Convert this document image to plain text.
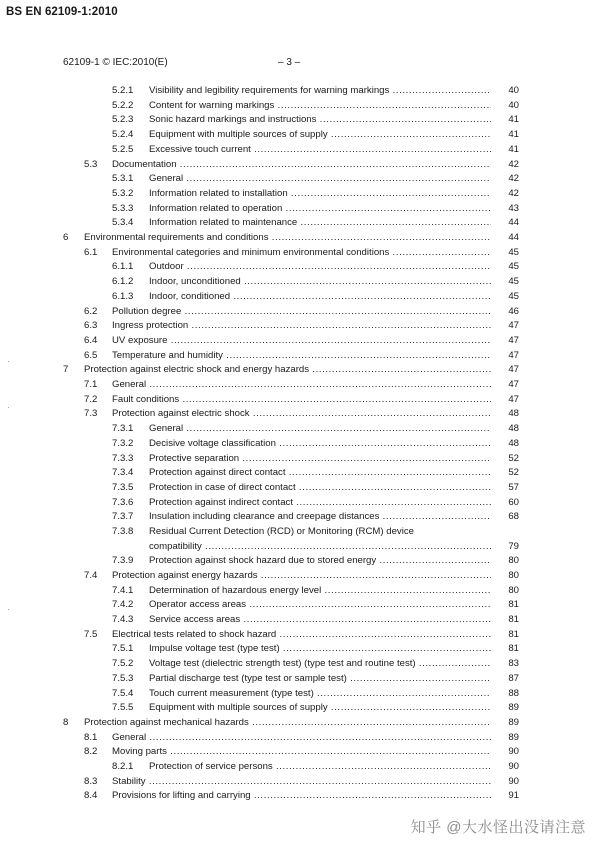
BS EN 62109-1:2010
62109-1 © IEC:2010(E)	– 3 –
·
·
·
5.2.1 Visibility and legibility requirements for warning markings .....	40
5.2.2 Content for warning markings .....	40
5.2.3 Sonic hazard markings and instructions .....	41
5.2.4 Equipment with multiple sources of supply .....	41
5.2.5 Excessive touch current .....	41
5.3 Documentation .....	42
5.3.1 General .....	42
5.3.2 Information related to installation .....	42
5.3.3 Information related to operation .....	43
5.3.4 Information related to maintenance .....	44
6 Environmental requirements and conditions .....	44
6.1 Environmental categories and minimum environmental conditions .....	45
6.1.1 Outdoor .....	45
6.1.2 Indoor, unconditioned .....	45
6.1.3 Indoor, conditioned .....	45
6.2 Pollution degree .....	46
6.3 Ingress protection .....	47
6.4 UV exposure .....	47
6.5 Temperature and humidity .....	47
7 Protection against electric shock and energy hazards .....	47
7.1 General .....	47
7.2 Fault conditions .....	47
7.3 Protection against electric shock .....	48
7.3.1 General .....	48
7.3.2 Decisive voltage classification .....	48
7.3.3 Protective separation .....	52
7.3.4 Protection against direct contact .....	52
7.3.5 Protection in case of direct contact .....	57
7.3.6 Protection against indirect contact .....	60
7.3.7 Insulation including clearance and creepage distances .....	68
7.3.8 Residual Current Detection (RCD) or Monitoring (RCM) device
compatibility .....	79
7.3.9 Protection against shock hazard due to stored energy .....	80
7.4 Protection against energy hazards .....	80
7.4.1 Determination of hazardous energy level .....	80
7.4.2 Operator access areas .....	81
7.4.3 Service access areas .....	81
7.5 Electrical tests related to shock hazard .....	81
7.5.1 Impulse voltage test (type test) .....	81
7.5.2 Voltage test (dielectric strength test) (type test and routine test) .....	83
7.5.3 Partial discharge test (type test or sample test) .....	87
7.5.4 Touch current measurement (type test) .....	88
7.5.5 Equipment with multiple sources of supply .....	89
8 Protection against mechanical hazards .....	89
8.1 General .....	89
8.2 Moving parts .....	90
8.2.1 Protection of service persons .....	90
8.3 Stability .....	90
8.4 Provisions for lifting and carrying .....	91
知乎 @大水怪出没请注意
